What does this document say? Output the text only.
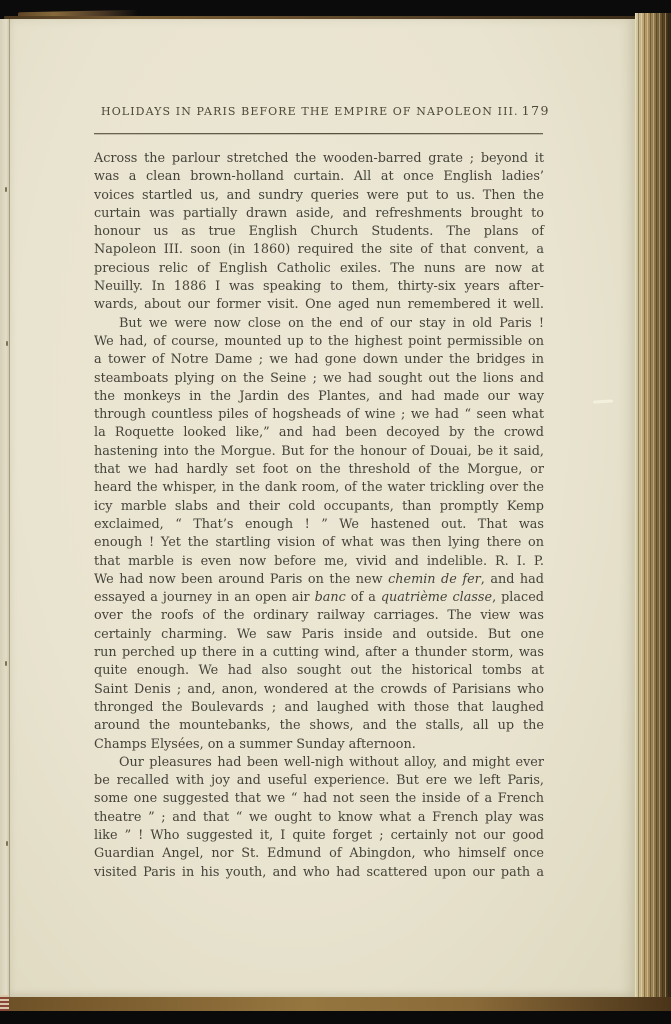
HOLIDAYS IN PARIS BEFORE THE EMPIRE OF NAPOLEON III. 179
Across the parlour stretched the wooden-barred grate ; beyond it
was a clean brown-holland curtain. All at once English ladies’
voices startled us, and sundry queries were put to us. Then the
curtain was partially drawn aside, and refreshments brought to
honour us as true English Church Students. The plans of
Napoleon III. soon (in 1860) required the site of that convent, a
precious relic of English Catholic exiles. The nuns are now at
Neuilly. In 1886 I was speaking to them, thirty-six years after-
wards, about our former visit. One aged nun remembered it well.
But we were now close on the end of our stay in old Paris !
We had, of course, mounted up to the highest point permissible on
a tower of Notre Dame ; we had gone down under the bridges in
steamboats plying on the Seine ; we had sought out the lions and
the monkeys in the Jardin des Plantes, and had made our way
through countless piles of hogsheads of wine ; we had “ seen what
la Roquette looked like,” and had been decoyed by the crowd
hastening into the Morgue. But for the honour of Douai, be it said,
that we had hardly set foot on the threshold of the Morgue, or
heard the whisper, in the dank room, of the water trickling over the
icy marble slabs and their cold occupants, than promptly Kemp
exclaimed, “ That’s enough ! ” We hastened out. That was
enough ! Yet the startling vision of what was then lying there on
that marble is even now before me, vivid and indelible. R. I. P.
We had now been around Paris on the new chemin de fer, and had
essayed a journey in an open air banc of a quatrième classe, placed
over the roofs of the ordinary railway carriages. The view was
certainly charming. We saw Paris inside and outside. But one
run perched up there in a cutting wind, after a thunder storm, was
quite enough. We had also sought out the historical tombs at
Saint Denis ; and, anon, wondered at the crowds of Parisians who
thronged the Boulevards ; and laughed with those that laughed
around the mountebanks, the shows, and the stalls, all up the
Champs Elysées, on a summer Sunday afternoon.
Our pleasures had been well-nigh without alloy, and might ever
be recalled with joy and useful experience. But ere we left Paris,
some one suggested that we “ had not seen the inside of a French
theatre ” ; and that “ we ought to know what a French play was
like ” ! Who suggested it, I quite forget ; certainly not our good
Guardian Angel, nor St. Edmund of Abingdon, who himself once
visited Paris in his youth, and who had scattered upon our path a
